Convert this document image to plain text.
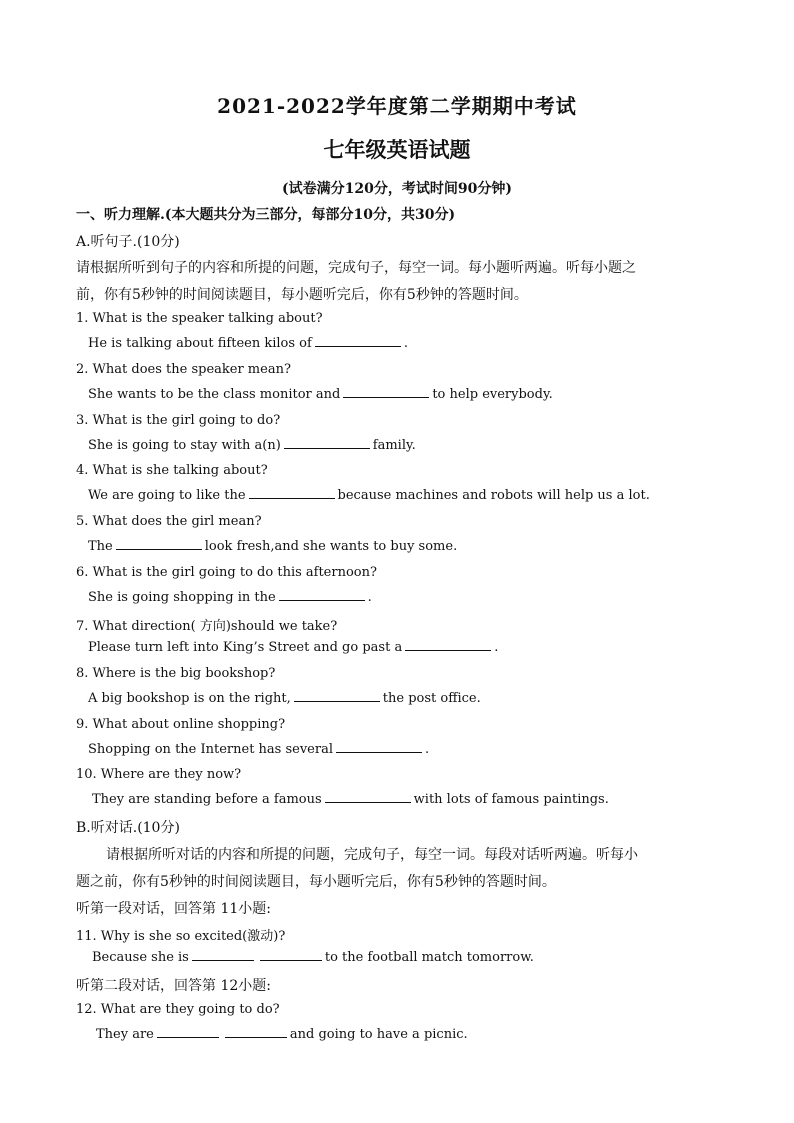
2021-2022学年度第二学期期中考试
七年级英语试题
(试卷满分120分，考试时间90分钟)
一、听力理解.(本大题共分为三部分，每部分10分，共30分)
A.听句子.(10分)
请根据所听到句子的内容和所提的问题，完成句子，每空一词。每小题听两遍。听每小题之
前，你有5秒钟的时间阅读题目，每小题听完后，你有5秒钟的答题时间。
1. What is the speaker talking about?
He is talking about fifteen kilos of	.
2. What does the speaker mean?
She wants to be the class monitor and	to help everybody.
3. What is the girl going to do?
She is going to stay with a(n)	family.
4. What is she talking about?
We are going to like the	because machines and robots will help us a lot.
5. What does the girl mean?
The	look fresh,and she wants to buy some.
6. What is the girl going to do this afternoon?
She is going shopping in the	.
7. What direction( 方向)should we take?
Please turn left into King’s Street and go past a	.
8. Where is the big bookshop?
A big bookshop is on the right,	the post office.
9. What about online shopping?
Shopping on the Internet has several	.
10. Where are they now?
They are standing before a famous	with lots of famous paintings.
B.听对话.(10分)
请根据所听对话的内容和所提的问题，完成句子，每空一词。每段对话听两遍。听每小
题之前，你有5秒钟的时间阅读题目，每小题听完后，你有5秒钟的答题时间。
听第一段对话，回答第 11小题:
11. Why is she so excited(激动)?
Because she is	to the football match tomorrow.
听第二段对话，回答第 12小题:
12. What are they going to do?
They are	and going to have a picnic.
